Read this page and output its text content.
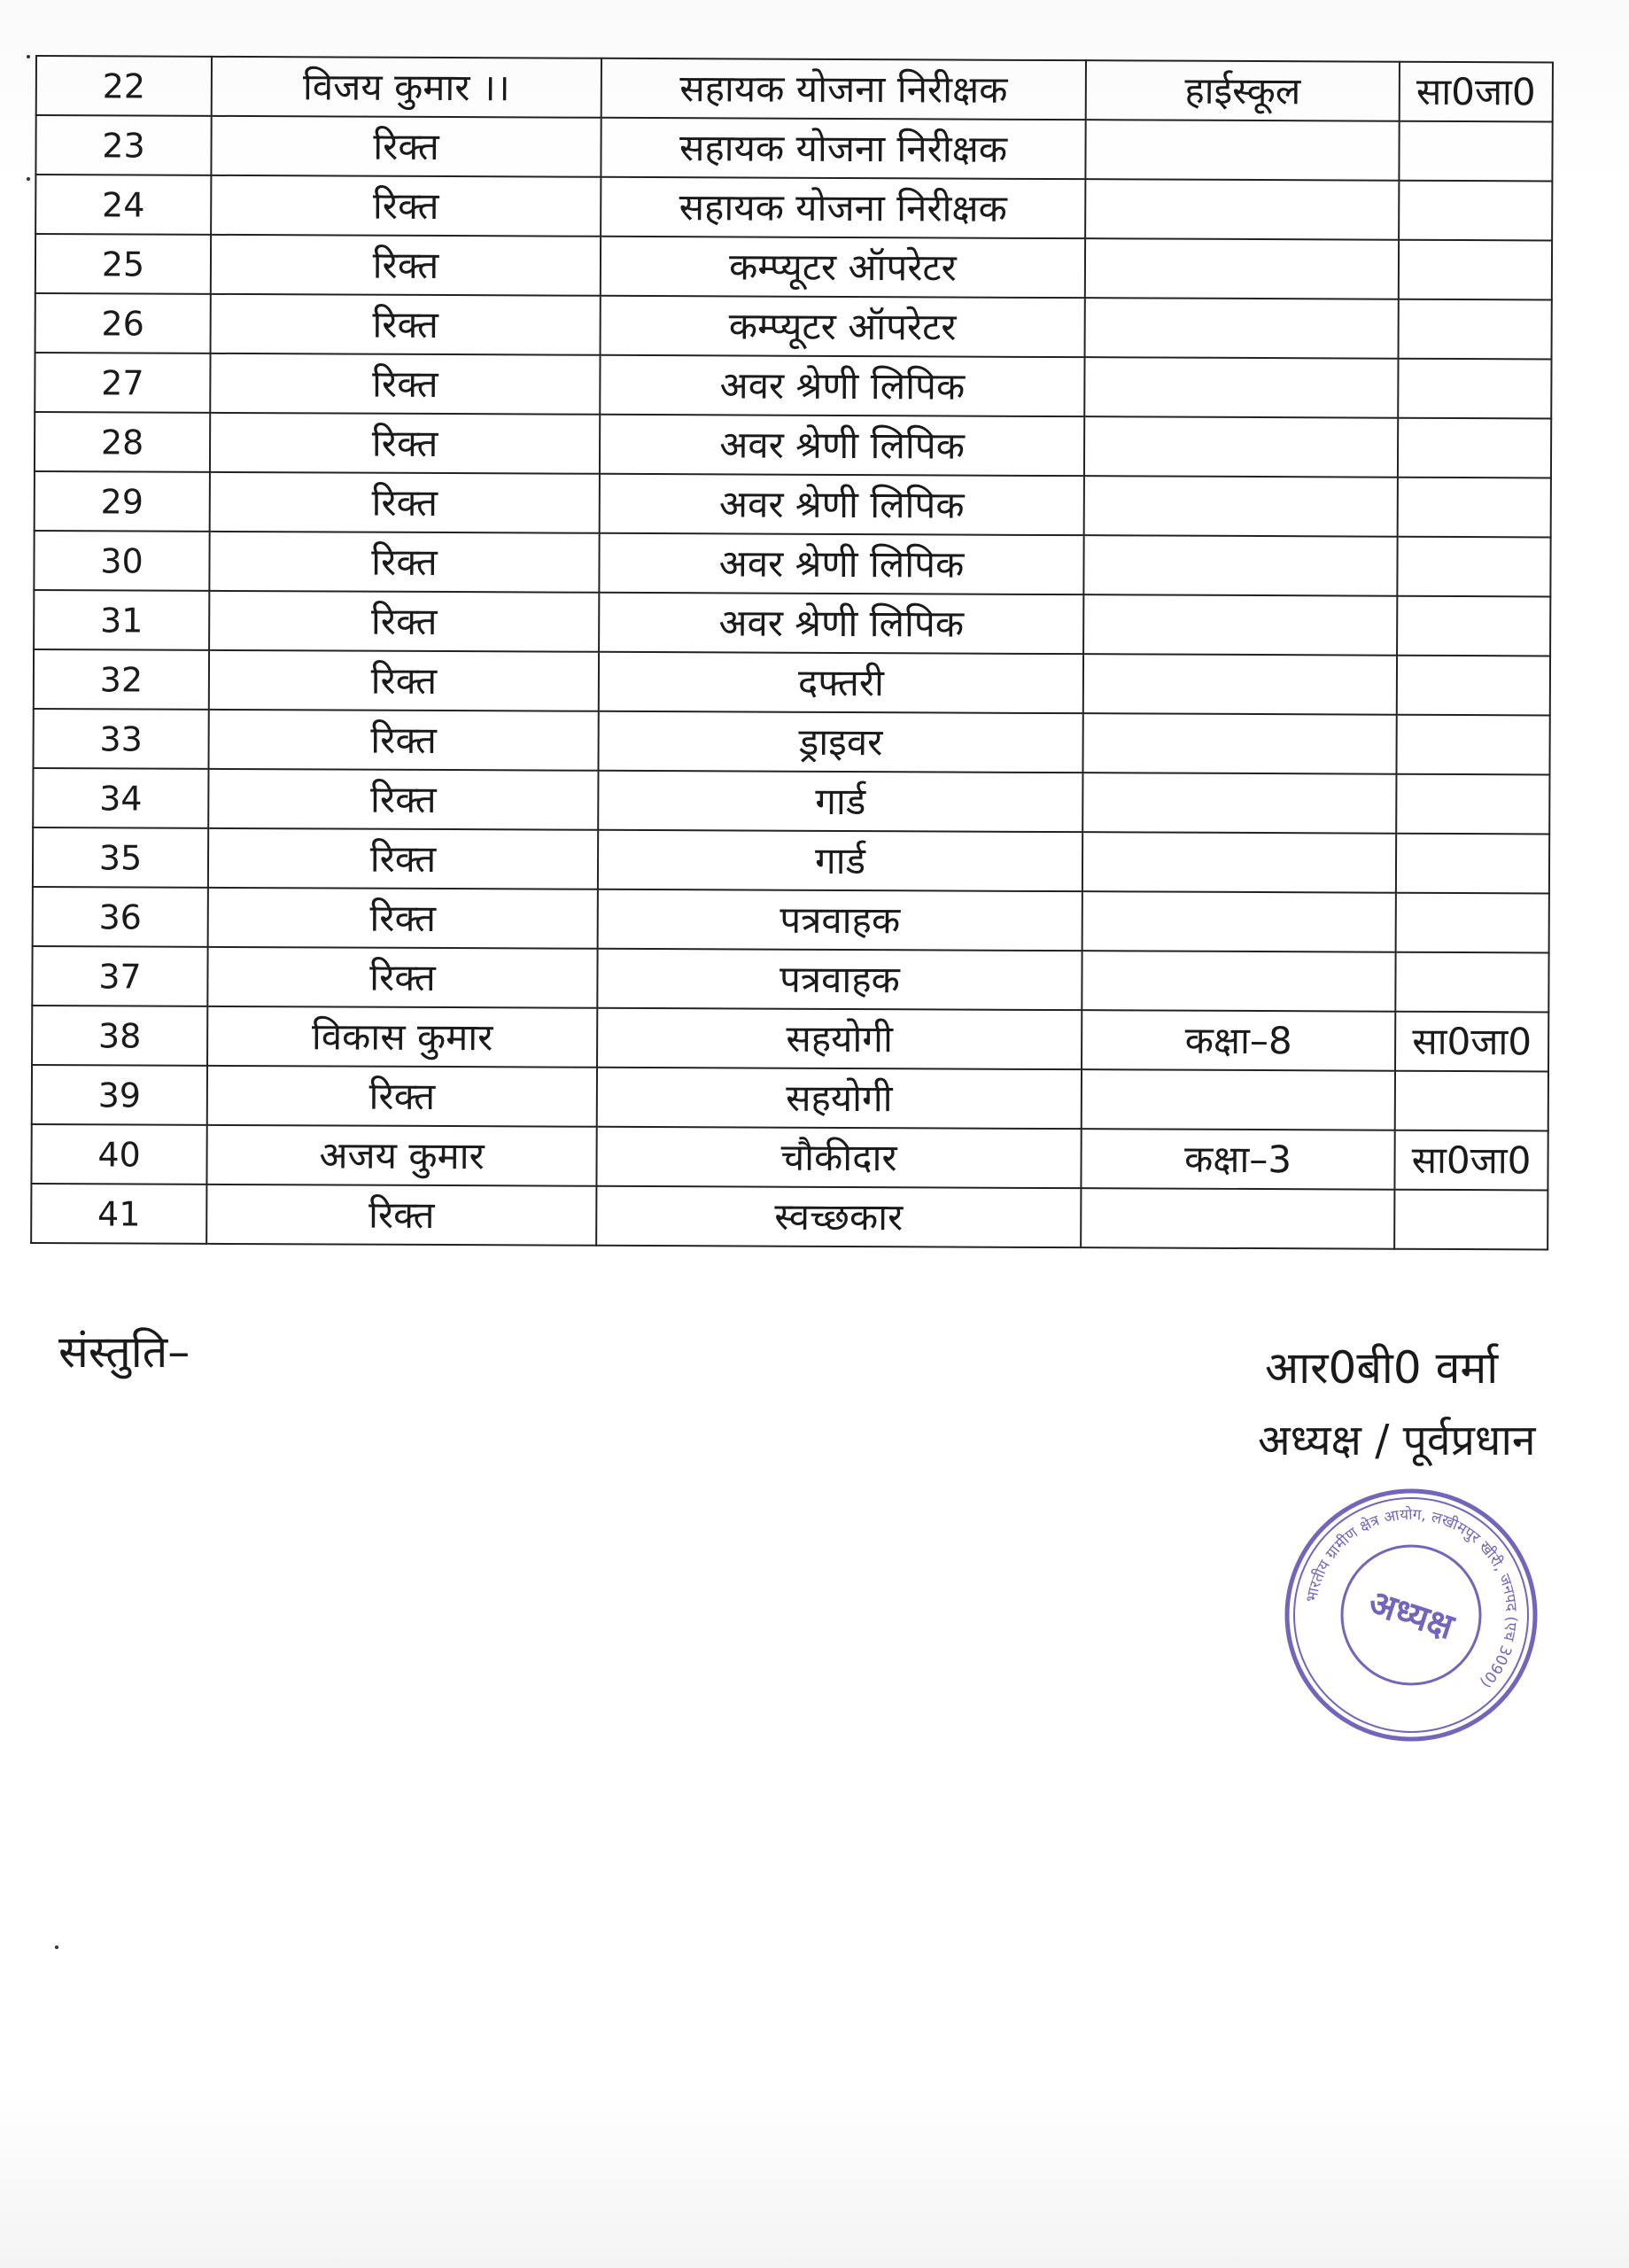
22	विजय कुमार ।।	सहायक योजना निरीक्षक	हाईस्कूल	सा0जा0
23	रिक्त	सहायक योजना निरीक्षक		
24	रिक्त	सहायक योजना निरीक्षक		
25	रिक्त	कम्प्यूटर ऑपरेटर		
26	रिक्त	कम्प्यूटर ऑपरेटर		
27	रिक्त	अवर श्रेणी लिपिक		
28	रिक्त	अवर श्रेणी लिपिक		
29	रिक्त	अवर श्रेणी लिपिक		
30	रिक्त	अवर श्रेणी लिपिक		
31	रिक्त	अवर श्रेणी लिपिक		
32	रिक्त	दफ्तरी		
33	रिक्त	ड्राइवर		
34	रिक्त	गार्ड		
35	रिक्त	गार्ड		
36	रिक्त	पत्रवाहक		
37	रिक्त	पत्रवाहक		
38	विकास कुमार	सहयोगी	कक्षा–8	सा0जा0
39	रिक्त	सहयोगी		
40	अजय कुमार	चौकीदार	कक्षा–3	सा0जा0
41	रिक्त	स्वच्छकार		
संस्तुति–	आर0बी0 वर्मा
अध्यक्ष / पूर्वप्रधान
भारतीय ग्रामीण क्षेत्र आयोग, लखीमपुर खीरी, जनपद (एच 3090)
अध्यक्ष
